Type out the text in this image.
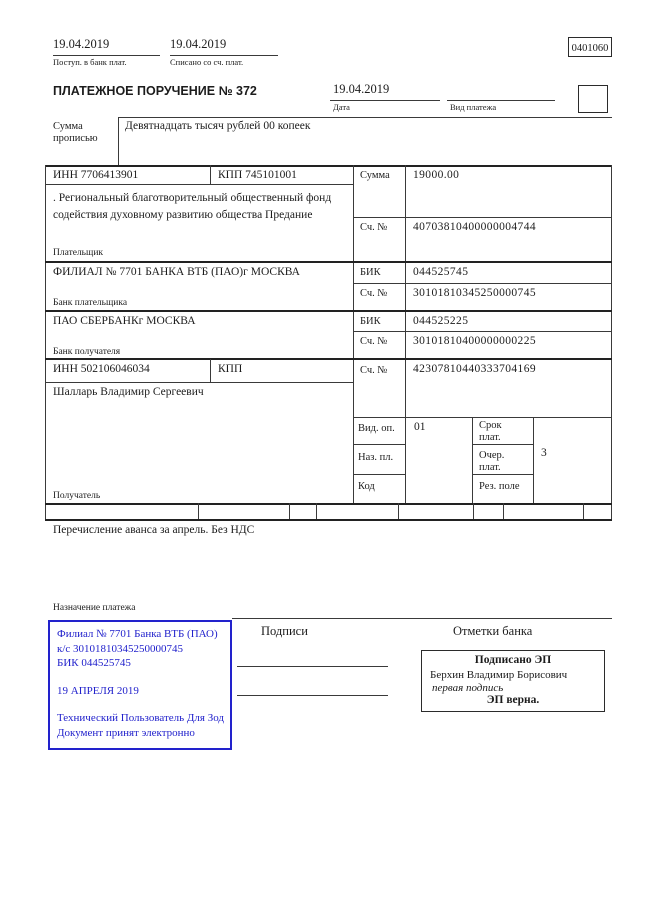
19.04.2019
Поступ. в банк плат.
19.04.2019
Списано со сч. плат.
0401060
ПЛАТЕЖНОЕ ПОРУЧЕНИЕ № 372	19.04.2019
Дата	Вид платежа
Сумма прописью
Девятнадцать тысяч рублей 00 копеек
ИНН 7706413901	КПП 745101001	Сумма 19000.00
. Региональный благотворительный общественный фонд содействия духовному развитию общества Предание
Сч. № 40703810400000004744
Плательщик
ФИЛИАЛ № 7701 БАНКА ВТБ (ПАО)г МОСКВА	БИК	044525745
Сч. № 30101810345250000745
Банк плательщика
ПАО СБЕРБАНКг МОСКВА	БИК	044525225
Сч. № 30101810400000000225
Банк получателя
ИНН 502106046034	КПП	Сч. № 42307810440333704169
Шалларь Владимир Сергеевич
Вид. оп. 01	Срок плат.
Наз. пл.	Очер. плат.
3
Код	Рез. поле
Получатель
Перечисление аванса за апрель. Без НДС
Назначение платежа
Подписи	Отметки банка
Подписано ЭП
Берхин Владимир Борисович
первая подпись
ЭП верна.
Филиал № 7701 Банка ВТБ (ПАО)
к/с 30101810345250000745
БИК 044525745
19 АПРЕЛЯ 2019
Технический Пользователь Для Зод
Документ принят электронно
